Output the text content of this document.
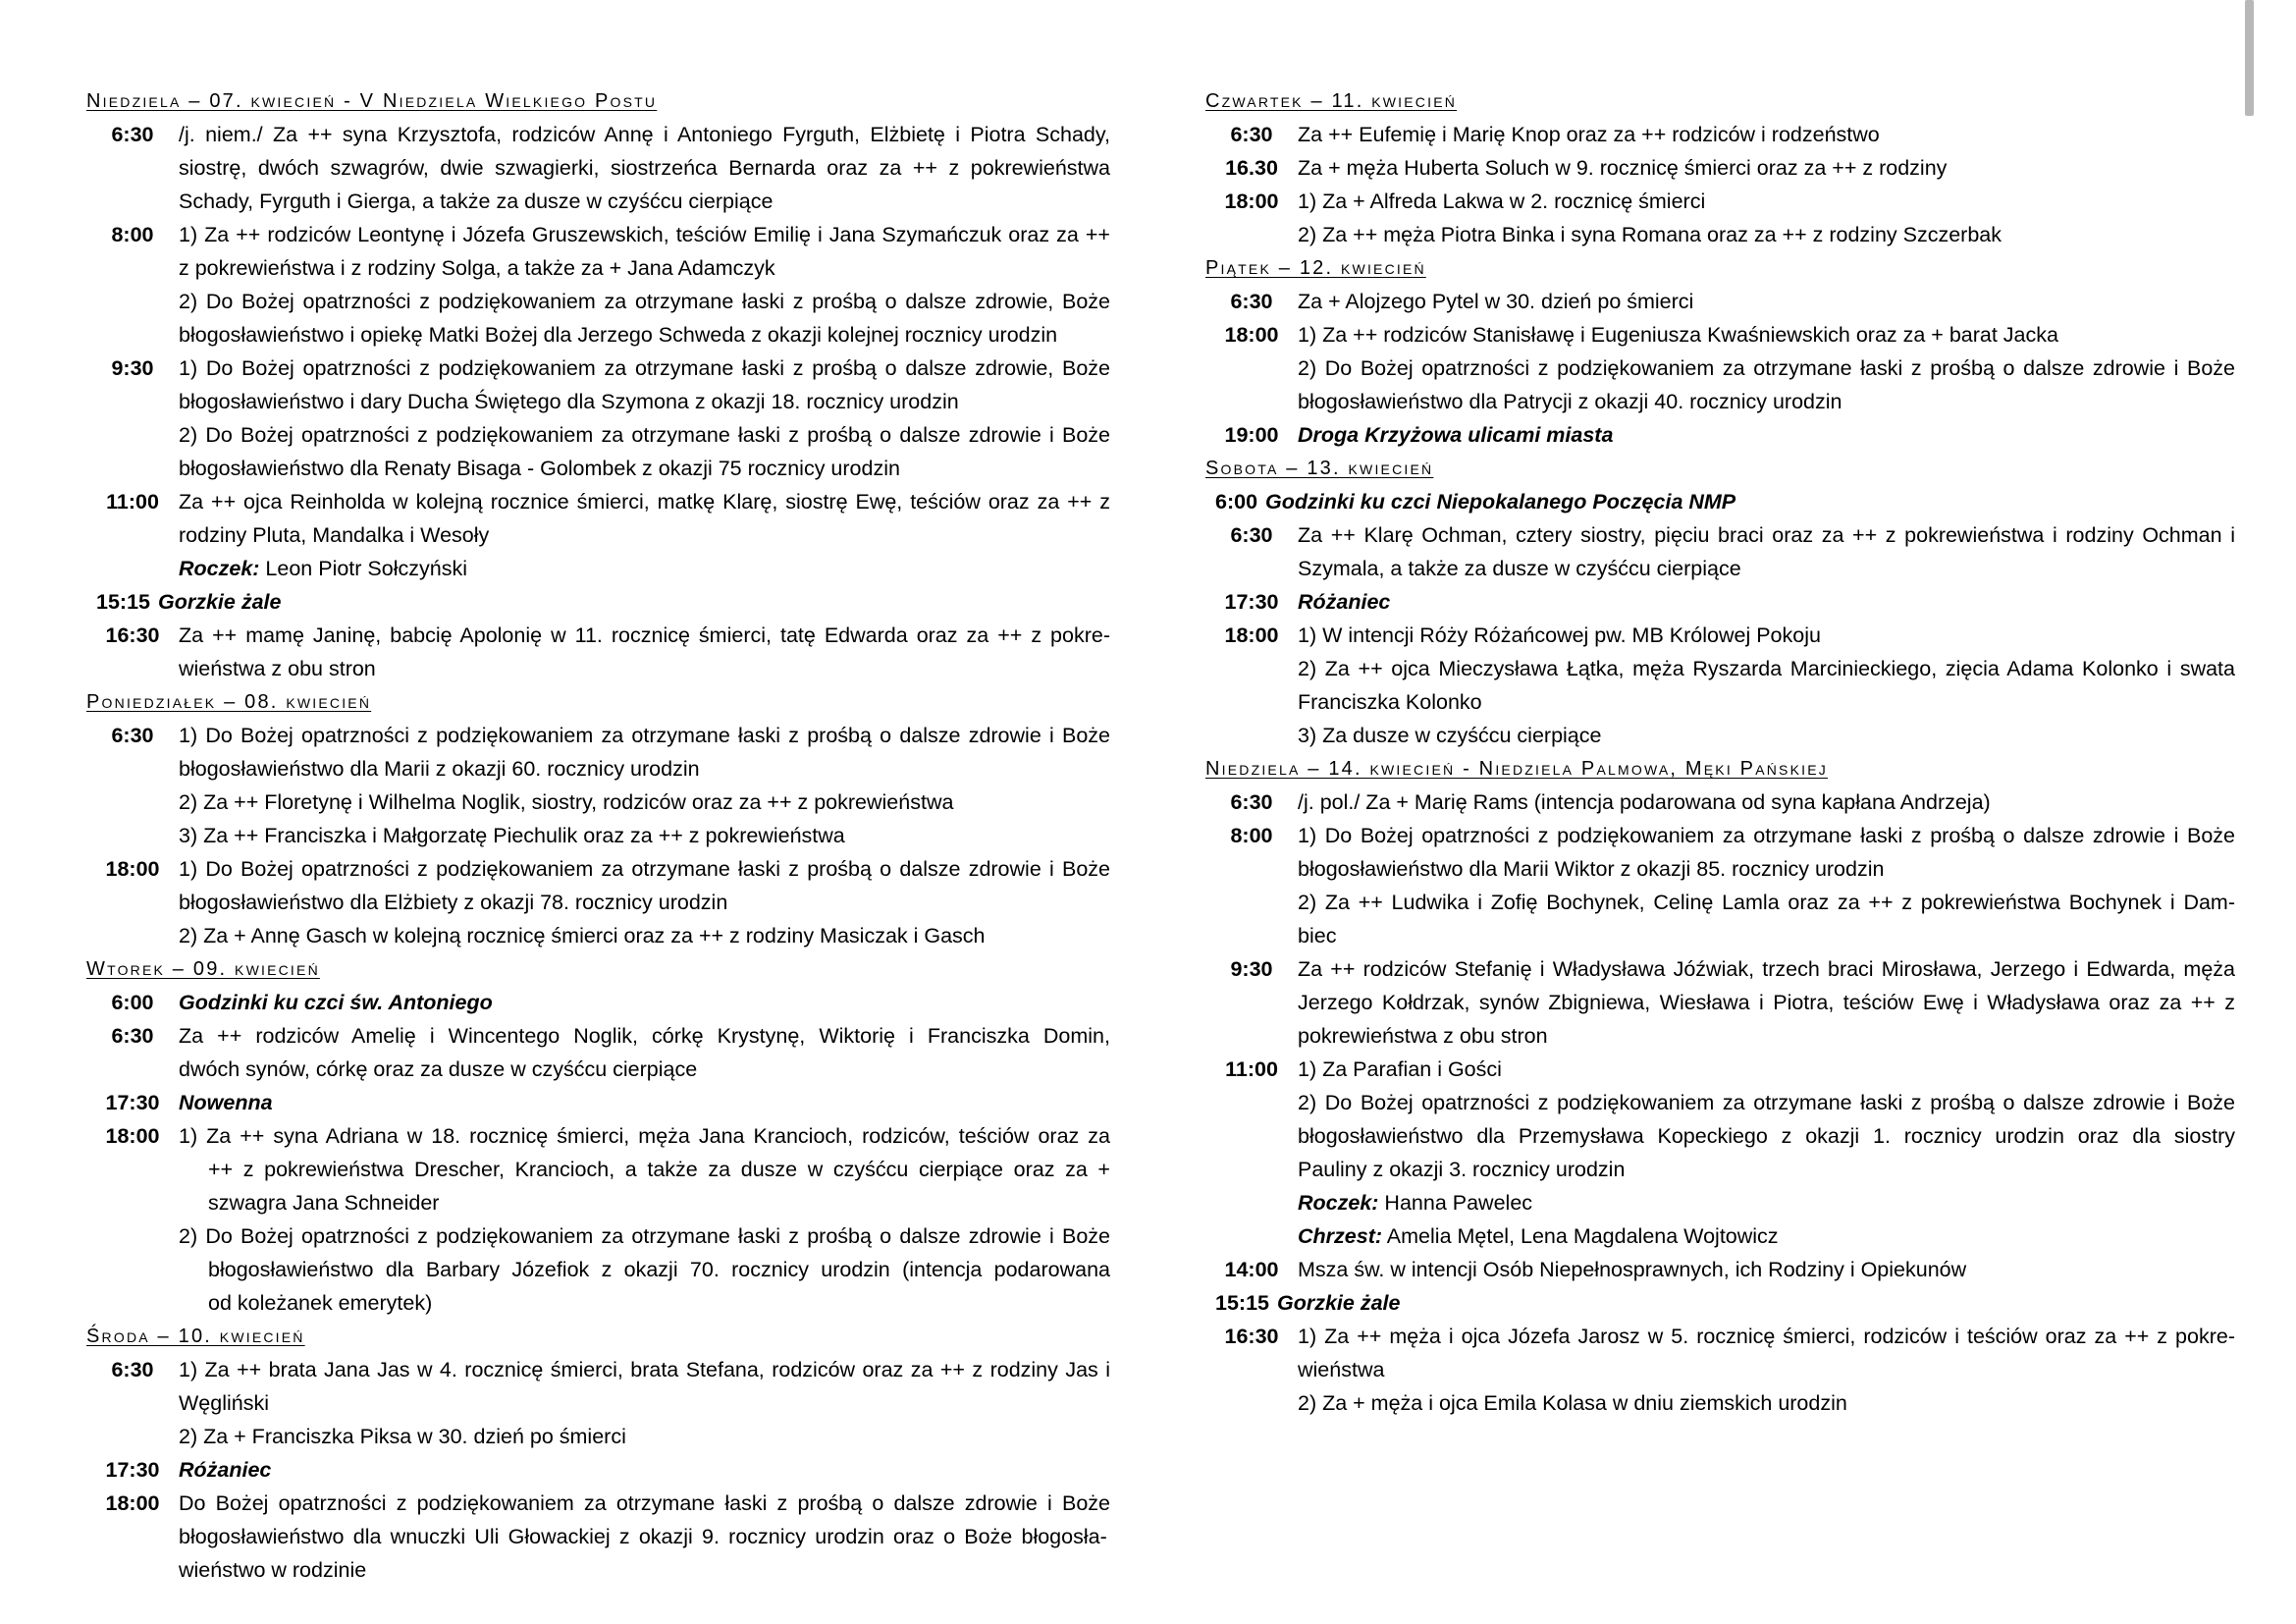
Niedziela – 07. kwiecień - V Niedziela Wielkiego Postu
6:30	/j. niem./ Za ++ syna Krzysztofa, rodziców Annę i Antoniego Fyrguth, Elżbietę i Piotra Schady,
siostrę, dwóch szwagrów, dwie szwagierki, siostrzeńca Bernarda oraz za ++ z pokrewieństwa
Schady, Fyrguth i Gierga, a także za dusze w czyśćcu cierpiące
8:00	1) Za ++ rodziców Leontynę i Józefa Gruszewskich, teściów Emilię i Jana Szymańczuk oraz za ++
z pokrewieństwa i z rodziny Solga, a także za + Jana Adamczyk
2) Do Bożej opatrzności z podziękowaniem za otrzymane łaski z prośbą o dalsze zdrowie, Boże
błogosławieństwo i opiekę Matki Bożej dla Jerzego Schweda z okazji kolejnej rocznicy urodzin
9:30	1) Do Bożej opatrzności z podziękowaniem za otrzymane łaski z prośbą o dalsze zdrowie, Boże
błogosławieństwo i dary Ducha Świętego dla Szymona z okazji 18. rocznicy urodzin
2) Do Bożej opatrzności z podziękowaniem za otrzymane łaski z prośbą o dalsze zdrowie i Boże
błogosławieństwo dla Renaty Bisaga - Golombek z okazji 75 rocznicy urodzin
11:00 Za ++ ojca Reinholda w kolejną rocznice śmierci, matkę Klarę, siostrę Ewę, teściów oraz za ++ z
rodziny Pluta, Mandalka i Wesoły
Roczek: Leon Piotr Sołczyński
15:15 Gorzkie żale
16:30 Za ++ mamę Janinę, babcię Apolonię w 11. rocznicę śmierci, tatę Edwarda oraz za ++ z pokre-
wieństwa z obu stron
Poniedziałek – 08. kwiecień
6:30	1) Do Bożej opatrzności z podziękowaniem za otrzymane łaski z prośbą o dalsze zdrowie i Boże
błogosławieństwo dla Marii z okazji 60. rocznicy urodzin
2) Za ++ Floretynę i Wilhelma Noglik, siostry, rodziców oraz za ++ z pokrewieństwa
3) Za ++ Franciszka i Małgorzatę Piechulik oraz za ++ z pokrewieństwa
18:00 1) Do Bożej opatrzności z podziękowaniem za otrzymane łaski z prośbą o dalsze zdrowie i Boże
błogosławieństwo dla Elżbiety z okazji 78. rocznicy urodzin
2) Za + Annę Gasch w kolejną rocznicę śmierci oraz za ++ z rodziny Masiczak i Gasch
Wtorek – 09. kwiecień
6:00	Godzinki ku czci św. Antoniego
6:30	Za ++ rodziców Amelię i Wincentego Noglik, córkę Krystynę, Wiktorię i Franciszka Domin,
dwóch synów, córkę oraz za dusze w czyśćcu cierpiące
17:30 Nowenna
18:00 1) Za ++ syna Adriana w 18. rocznicę śmierci, męża Jana Krancioch, rodziców, teściów oraz za
++ z pokrewieństwa Drescher, Krancioch, a także za dusze w czyśćcu cierpiące oraz za +
szwagra Jana Schneider
2) Do Bożej opatrzności z podziękowaniem za otrzymane łaski z prośbą o dalsze zdrowie i Boże
błogosławieństwo dla Barbary Józefiok z okazji 70. rocznicy urodzin (intencja podarowana
od koleżanek emerytek)
Środa – 10. kwiecień
6:30	1) Za ++ brata Jana Jas w 4. rocznicę śmierci, brata Stefana, rodziców oraz za ++ z rodziny Jas i
Węgliński
2) Za + Franciszka Piksa w 30. dzień po śmierci
17:30 Różaniec
18:00 Do Bożej opatrzności z podziękowaniem za otrzymane łaski z prośbą o dalsze zdrowie i Boże
błogosławieństwo dla wnuczki Uli Głowackiej z okazji 9. rocznicy urodzin oraz o Boże błogosła-
wieństwo w rodzinie
Czwartek – 11. kwiecień
6:30	Za ++ Eufemię i Marię Knop oraz za ++ rodziców i rodzeństwo
16.30 Za + męża Huberta Soluch w 9. rocznicę śmierci oraz za ++ z rodziny
18:00 1) Za + Alfreda Lakwa w 2. rocznicę śmierci
2) Za ++ męża Piotra Binka i syna Romana oraz za ++ z rodziny Szczerbak
Piątek – 12. kwiecień
6:30	Za + Alojzego Pytel w 30. dzień po śmierci
18:00 1) Za ++ rodziców Stanisławę i Eugeniusza Kwaśniewskich oraz za + barat Jacka
2) Do Bożej opatrzności z podziękowaniem za otrzymane łaski z prośbą o dalsze zdrowie i Boże
błogosławieństwo dla Patrycji z okazji 40. rocznicy urodzin
19:00 Droga Krzyżowa ulicami miasta
Sobota – 13. kwiecień
6:00 Godzinki ku czci Niepokalanego Poczęcia NMP
6:30	Za ++ Klarę Ochman, cztery siostry, pięciu braci oraz za ++ z pokrewieństwa i rodziny Ochman i
Szymala, a także za dusze w czyśćcu cierpiące
17:30 Różaniec
18:00 1) W intencji Róży Różańcowej pw. MB Królowej Pokoju
2) Za ++ ojca Mieczysława Łątka, męża Ryszarda Marcinieckiego, zięcia Adama Kolonko i swata
Franciszka Kolonko
3) Za dusze w czyśćcu cierpiące
Niedziela – 14. kwiecień - Niedziela Palmowa, Męki Pańskiej
6:30	/j. pol./ Za + Marię Rams (intencja podarowana od syna kapłana Andrzeja)
8:00	1) Do Bożej opatrzności z podziękowaniem za otrzymane łaski z prośbą o dalsze zdrowie i Boże
błogosławieństwo dla Marii Wiktor z okazji 85. rocznicy urodzin
2) Za ++ Ludwika i Zofię Bochynek, Celinę Lamla oraz za ++ z pokrewieństwa Bochynek i Dam-
biec
9:30	Za ++ rodziców Stefanię i Władysława Jóźwiak, trzech braci Mirosława, Jerzego i Edwarda, męża
Jerzego Kołdrzak, synów Zbigniewa, Wiesława i Piotra, teściów Ewę i Władysława oraz za ++ z
pokrewieństwa z obu stron
11:00 1) Za Parafian i Gości
2) Do Bożej opatrzności z podziękowaniem za otrzymane łaski z prośbą o dalsze zdrowie i Boże
błogosławieństwo dla Przemysława Kopeckiego z okazji 1. rocznicy urodzin oraz dla siostry
Pauliny z okazji 3. rocznicy urodzin
Roczek: Hanna Pawelec
Chrzest: Amelia Mętel, Lena Magdalena Wojtowicz
14:00 Msza św. w intencji Osób Niepełnosprawnych, ich Rodziny i Opiekunów
15:15 Gorzkie żale
16:30 1) Za ++ męża i ojca Józefa Jarosz w 5. rocznicę śmierci, rodziców i teściów oraz za ++ z pokre-
wieństwa
2) Za + męża i ojca Emila Kolasa w dniu ziemskich urodzin
